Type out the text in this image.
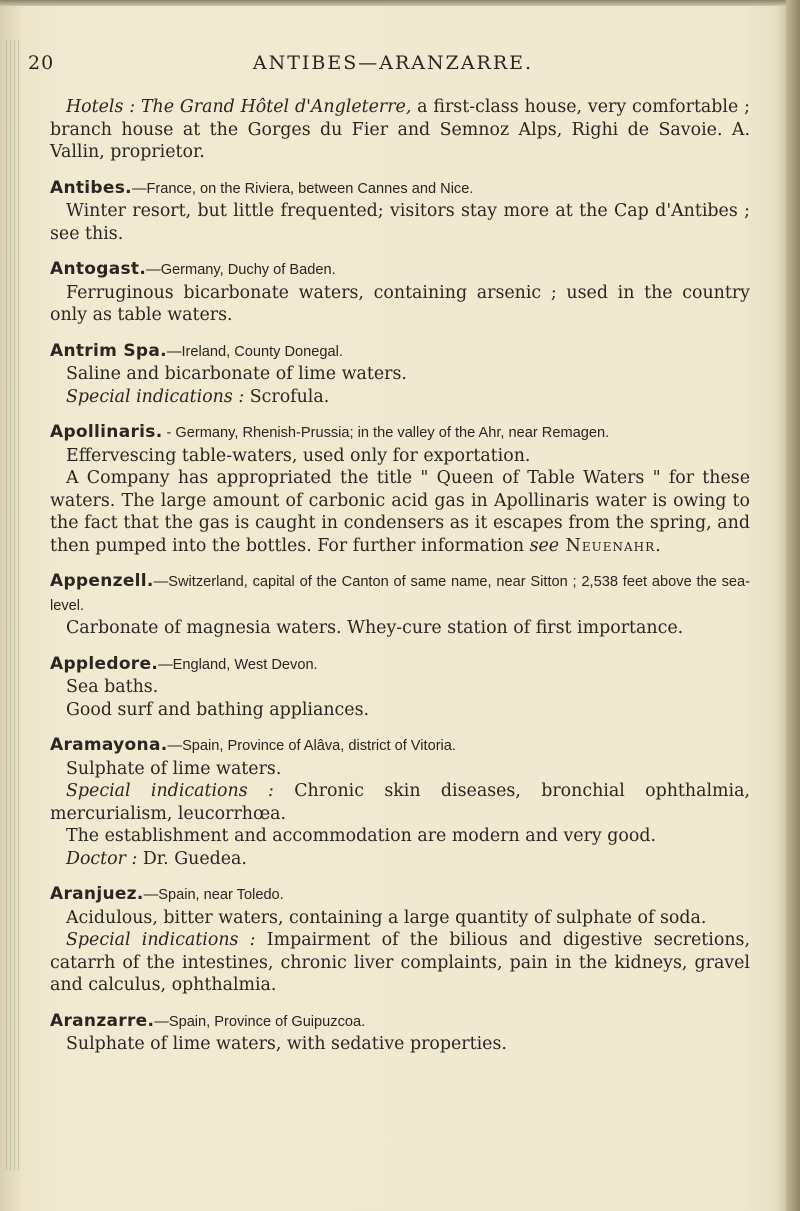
20	ANTIBES—ARANZARRE.

Hotels : The Grand Hôtel d'Angleterre, a first-class house, very comfortable ; branch house at the Gorges du Fier and Semnoz Alps, Righi de Savoie. A. Vallin, proprietor.

Antibes.—France, on the Riviera, between Cannes and Nice.

Winter resort, but little frequented; visitors stay more at the Cap d'Antibes ; see this.

Antogast.—Germany, Duchy of Baden.

Ferruginous bicarbonate waters, containing arsenic ; used in the country only as table waters.

Antrim Spa.—Ireland, County Donegal.

Saline and bicarbonate of lime waters.

Special indications : Scrofula.

Apollinaris. - Germany, Rhenish-Prussia; in the valley of the Ahr, near Remagen.

Effervescing table-waters, used only for exportation.

A Company has appropriated the title " Queen of Table Waters " for these waters. The large amount of carbonic acid gas in Apollinaris water is owing to the fact that the gas is caught in condensers as it escapes from the spring, and then pumped into the bottles. For further information see Neuenahr.

Appenzell.—Switzerland, capital of the Canton of same name, near Sitton ; 2,538 feet above the sea-level.

Carbonate of magnesia waters. Whey-cure station of first importance.

Appledore.—England, West Devon.

Sea baths.

Good surf and bathing appliances.

Aramayona.—Spain, Province of Alâva, district of Vitoria.

Sulphate of lime waters.

Special indications : Chronic skin diseases, bronchial ophthalmia, mercurialism, leucorrhœa.

The establishment and accommodation are modern and very good.

Doctor : Dr. Guedea.

Aranjuez.—Spain, near Toledo.

Acidulous, bitter waters, containing a large quantity of sulphate of soda.

Special indications : Impairment of the bilious and digestive secretions, catarrh of the intestines, chronic liver complaints, pain in the kidneys, gravel and calculus, ophthalmia.

Aranzarre.—Spain, Province of Guipuzcoa.

Sulphate of lime waters, with sedative properties.
